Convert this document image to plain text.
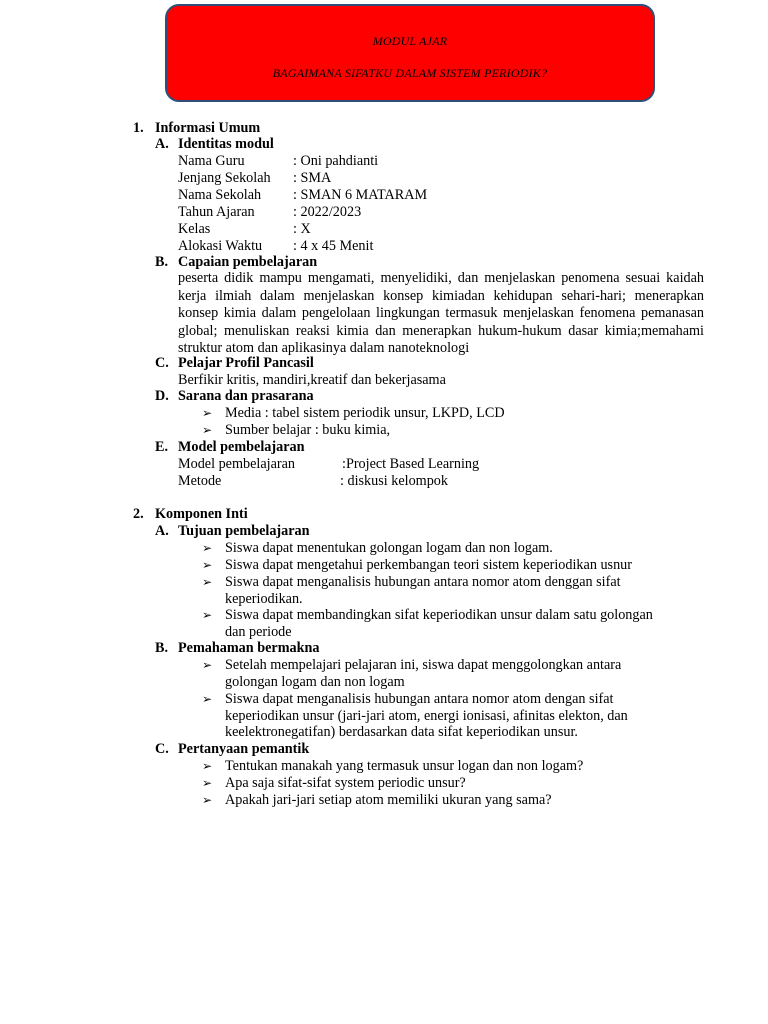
MODUL AJAR
BAGAIMANA SIFATKU DALAM SISTEM PERIODIK?
1. Informasi Umum
A. Identitas modul
Nama Guru	: Oni pahdianti
Jenjang Sekolah : SMA
Nama Sekolah : SMAN 6 MATARAM
Tahun Ajaran	: 2022/2023
Kelas	: X
Alokasi Waktu : 4 x 45 Menit
B. Capaian pembelajaran
peserta didik mampu mengamati, menyelidiki, dan menjelaskan penomena sesuai kaidah kerja ilmiah dalam menjelaskan konsep kimiadan kehidupan sehari-hari; menerapkan konsep kimia dalam pengelolaan lingkungan termasuk menjelaskan fenomena pemanasan global; menuliskan reaksi kimia dan menerapkan hukum-hukum dasar kimia;memahami struktur atom dan aplikasinya dalam nanoteknologi
C. Pelajar Profil Pancasil
Berfikir kritis, mandiri,kreatif dan bekerjasama
D. Sarana dan prasarana
➢ Media : tabel sistem periodik unsur, LKPD, LCD
➢ Sumber belajar : buku kimia,
E. Model pembelajaran
Model pembelajaran	:Project Based Learning
Metode	: diskusi kelompok
2. Komponen Inti
A. Tujuan pembelajaran
➢ Siswa dapat menentukan golongan logam dan non logam.
➢ Siswa dapat mengetahui perkembangan teori sistem keperiodikan usnur
➢ Siswa dapat menganalisis hubungan antara nomor atom denggan sifat
keperiodikan.
➢ Siswa dapat membandingkan sifat keperiodikan unsur dalam satu golongan
dan periode
B. Pemahaman bermakna
➢ Setelah mempelajari pelajaran ini, siswa dapat menggolongkan antara
golongan logam dan non logam
➢ Siswa dapat menganalisis hubungan antara nomor atom dengan sifat
keperiodikan unsur (jari-jari atom, energi ionisasi, afinitas elekton, dan
keelektronegatifan) berdasarkan data sifat keperiodikan unsur.
C. Pertanyaan pemantik
➢ Tentukan manakah yang termasuk unsur logan dan non logam?
➢ Apa saja sifat-sifat system periodic unsur?
➢ Apakah jari-jari setiap atom memiliki ukuran yang sama?
